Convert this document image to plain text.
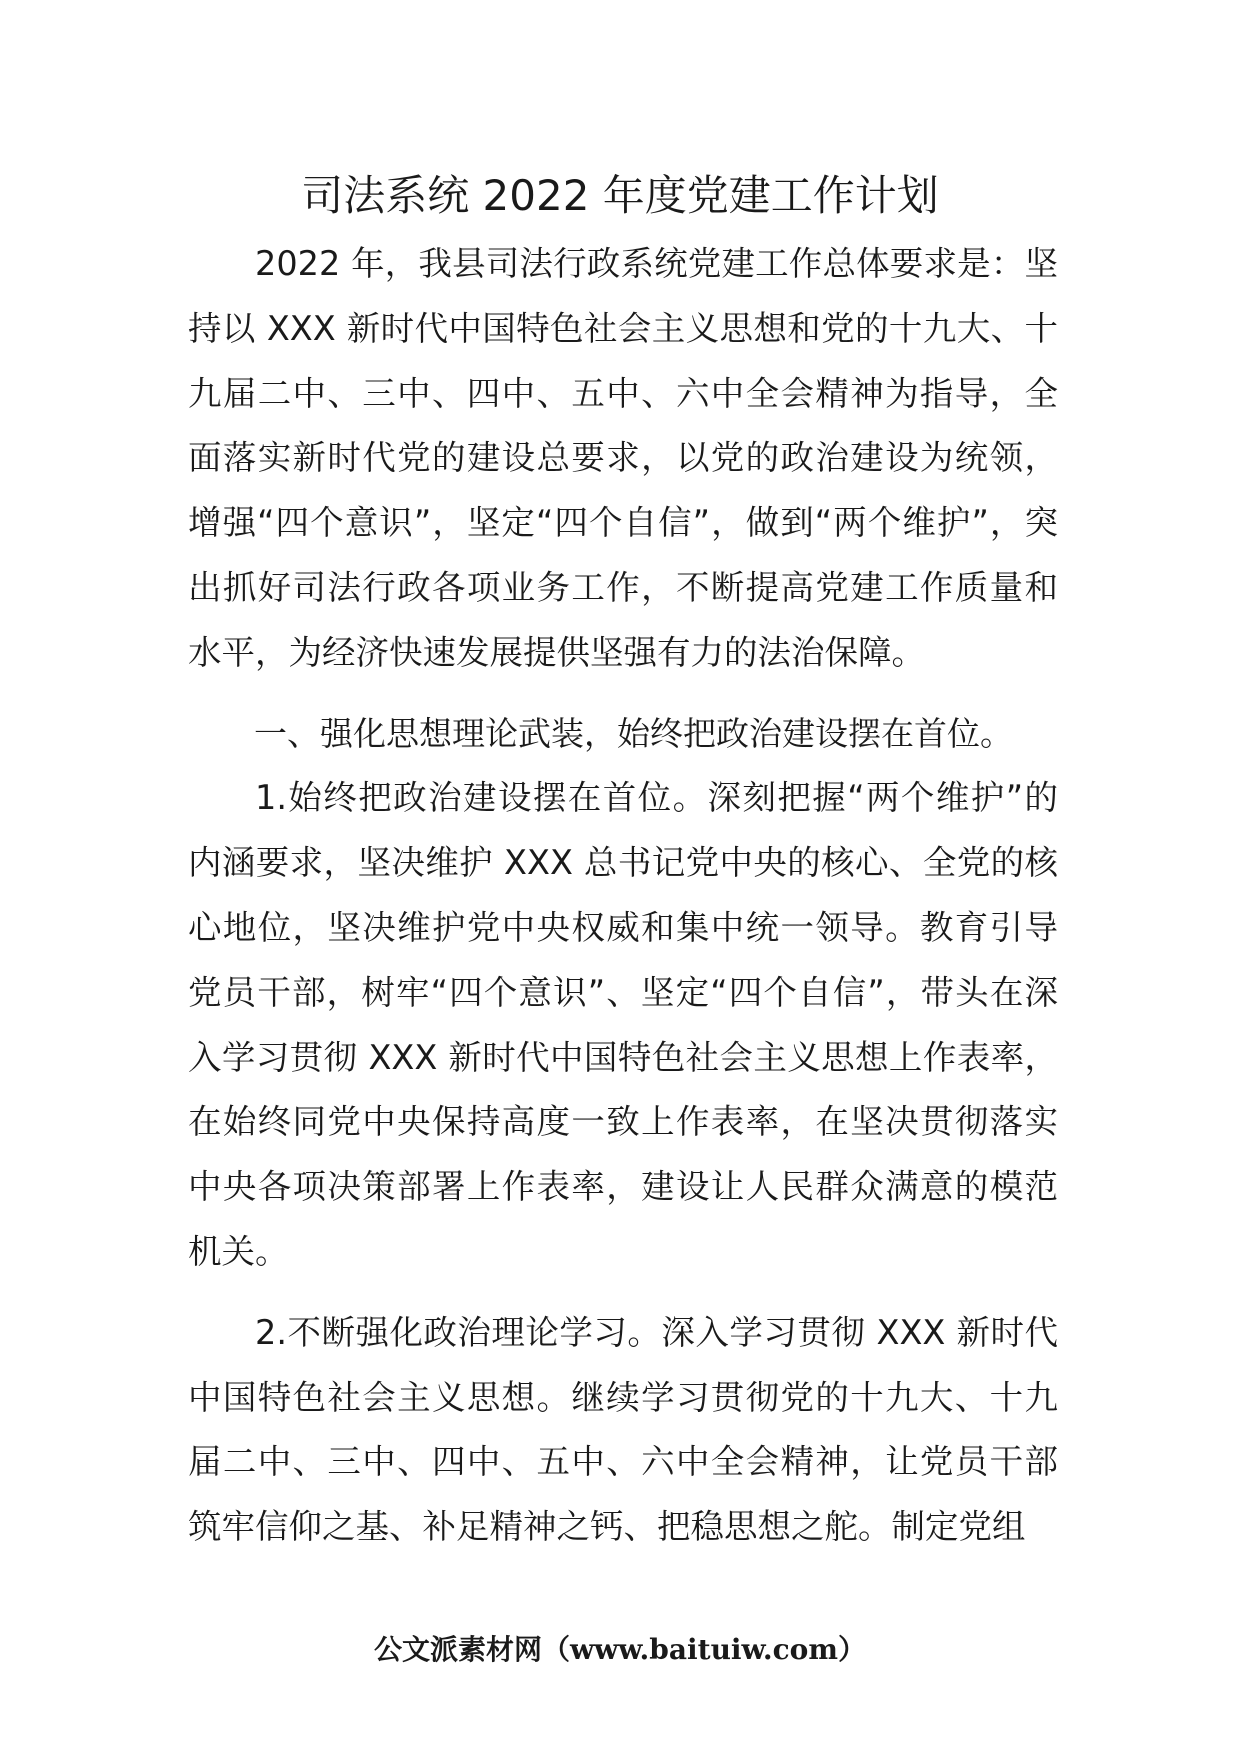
司法系统 2022 年度党建工作计划

2022 年，我县司法行政系统党建工作总体要求是：坚持以 XXX 新时代中国特色社会主义思想和党的十九大、十九届二中、三中、四中、五中、六中全会精神为指导，全面落实新时代党的建设总要求，以党的政治建设为统领，增强“四个意识”，坚定“四个自信”，做到“两个维护”，突出抓好司法行政各项业务工作，不断提高党建工作质量和水平，为经济快速发展提供坚强有力的法治保障。

一、强化思想理论武装，始终把政治建设摆在首位。

1.始终把政治建设摆在首位。深刻把握“两个维护”的内涵要求，坚决维护 XXX 总书记党中央的核心、全党的核心地位，坚决维护党中央权威和集中统一领导。教育引导党员干部，树牢“四个意识”、坚定“四个自信”，带头在深入学习贯彻 XXX 新时代中国特色社会主义思想上作表率，在始终同党中央保持高度一致上作表率，在坚决贯彻落实中央各项决策部署上作表率，建设让人民群众满意的模范机关。

2.不断强化政治理论学习。深入学习贯彻 XXX 新时代中国特色社会主义思想。继续学习贯彻党的十九大、十九届二中、三中、四中、五中、六中全会精神，让党员干部筑牢信仰之基、补足精神之钙、把稳思想之舵。制定党组

公文派素材网（www.baituiw.com）
